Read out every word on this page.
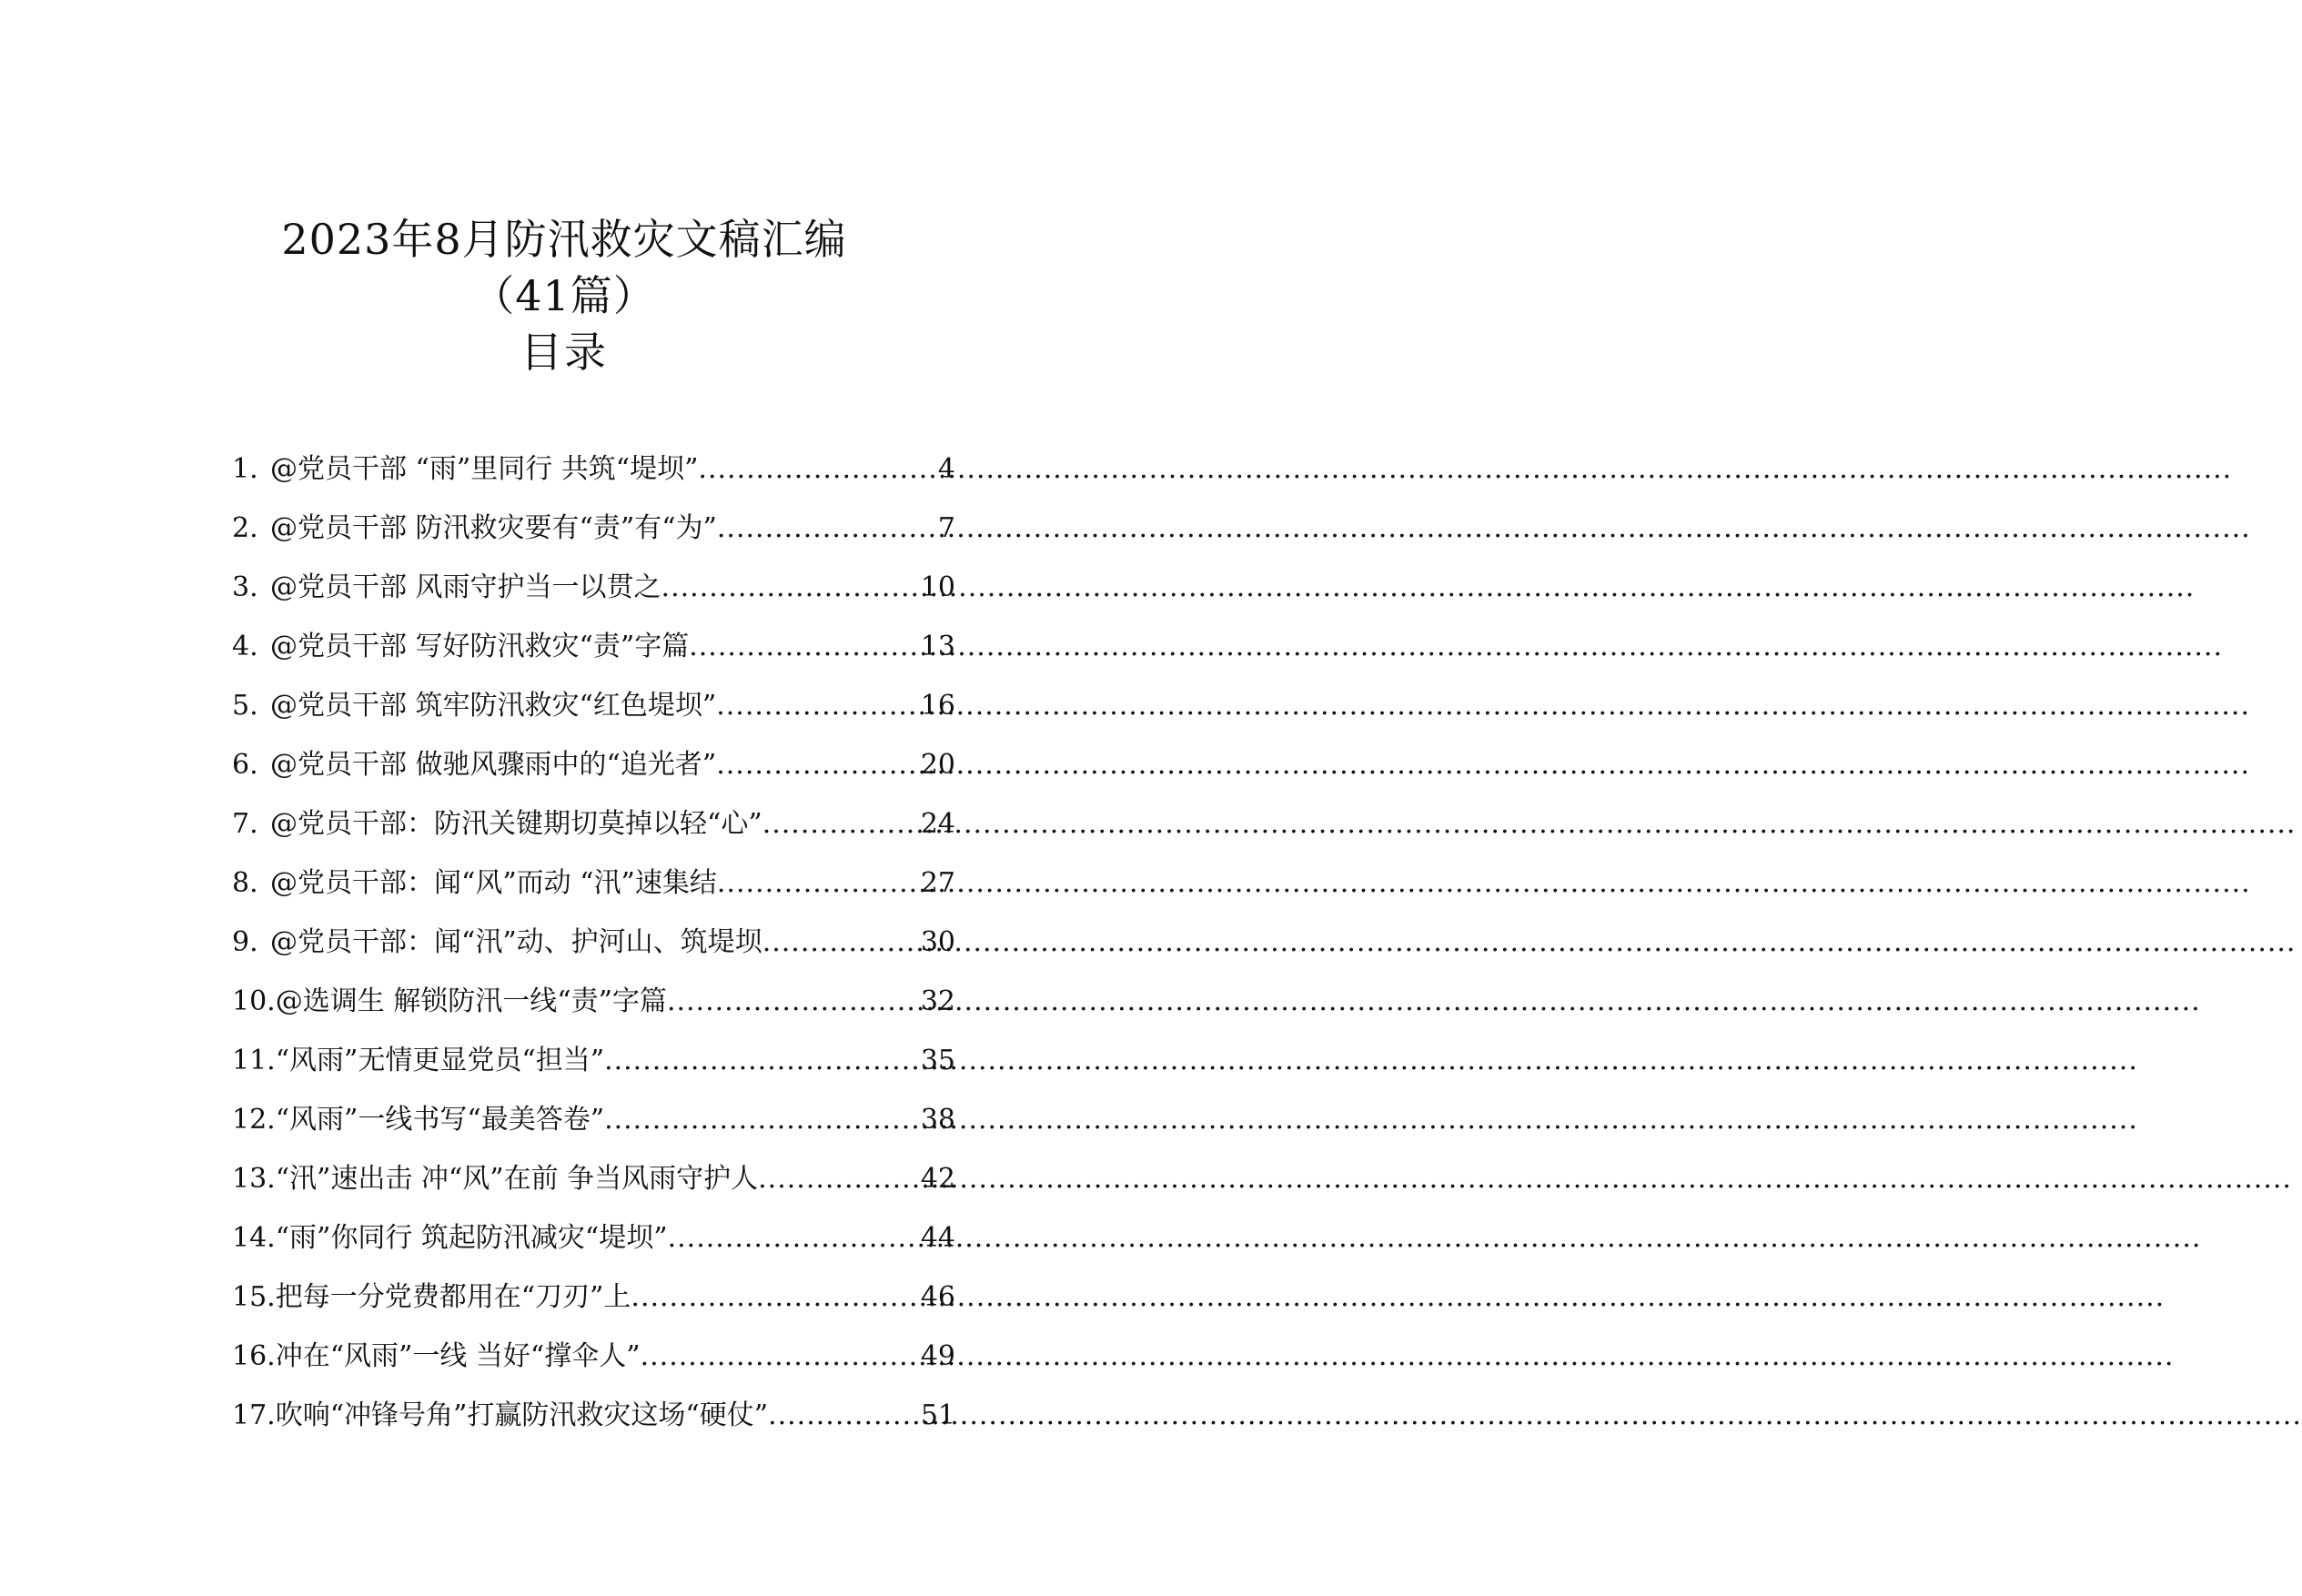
2023年8月防汛救灾文稿汇编
（41篇）
目录
1. @党员干部 “雨”里同行 共筑“堤坝” .....	4
2. @党员干部 防汛救灾要有“责”有“为” .....	7
3. @党员干部 风雨守护当一以贯之 .....	10
4. @党员干部 写好防汛救灾“责”字篇 .....	13
5. @党员干部 筑牢防汛救灾“红色堤坝” .....	16
6. @党员干部 做驰风骤雨中的“追光者” .....	20
7. @党员干部：防汛关键期切莫掉以轻“心” .....	24
8. @党员干部：闻“风”而动 “汛”速集结 .....	27
9. @党员干部：闻“汛”动、护河山、筑堤坝 .....	30
10. @选调生 解锁防汛一线“责”字篇 .....	32
11. “风雨”无情更显党员“担当” .....	35
12. “风雨”一线书写“最美答卷” .....	38
13. “汛”速出击 冲“风”在前 争当风雨守护人 .....	42
14. “雨”你同行 筑起防汛减灾“堤坝” .....	44
15. 把每一分党费都用在“刀刃”上 .....	46
16. 冲在“风雨”一线 当好“撑伞人” .....	49
17. 吹响“冲锋号角”打赢防汛救灾这场“硬仗” .....	51
